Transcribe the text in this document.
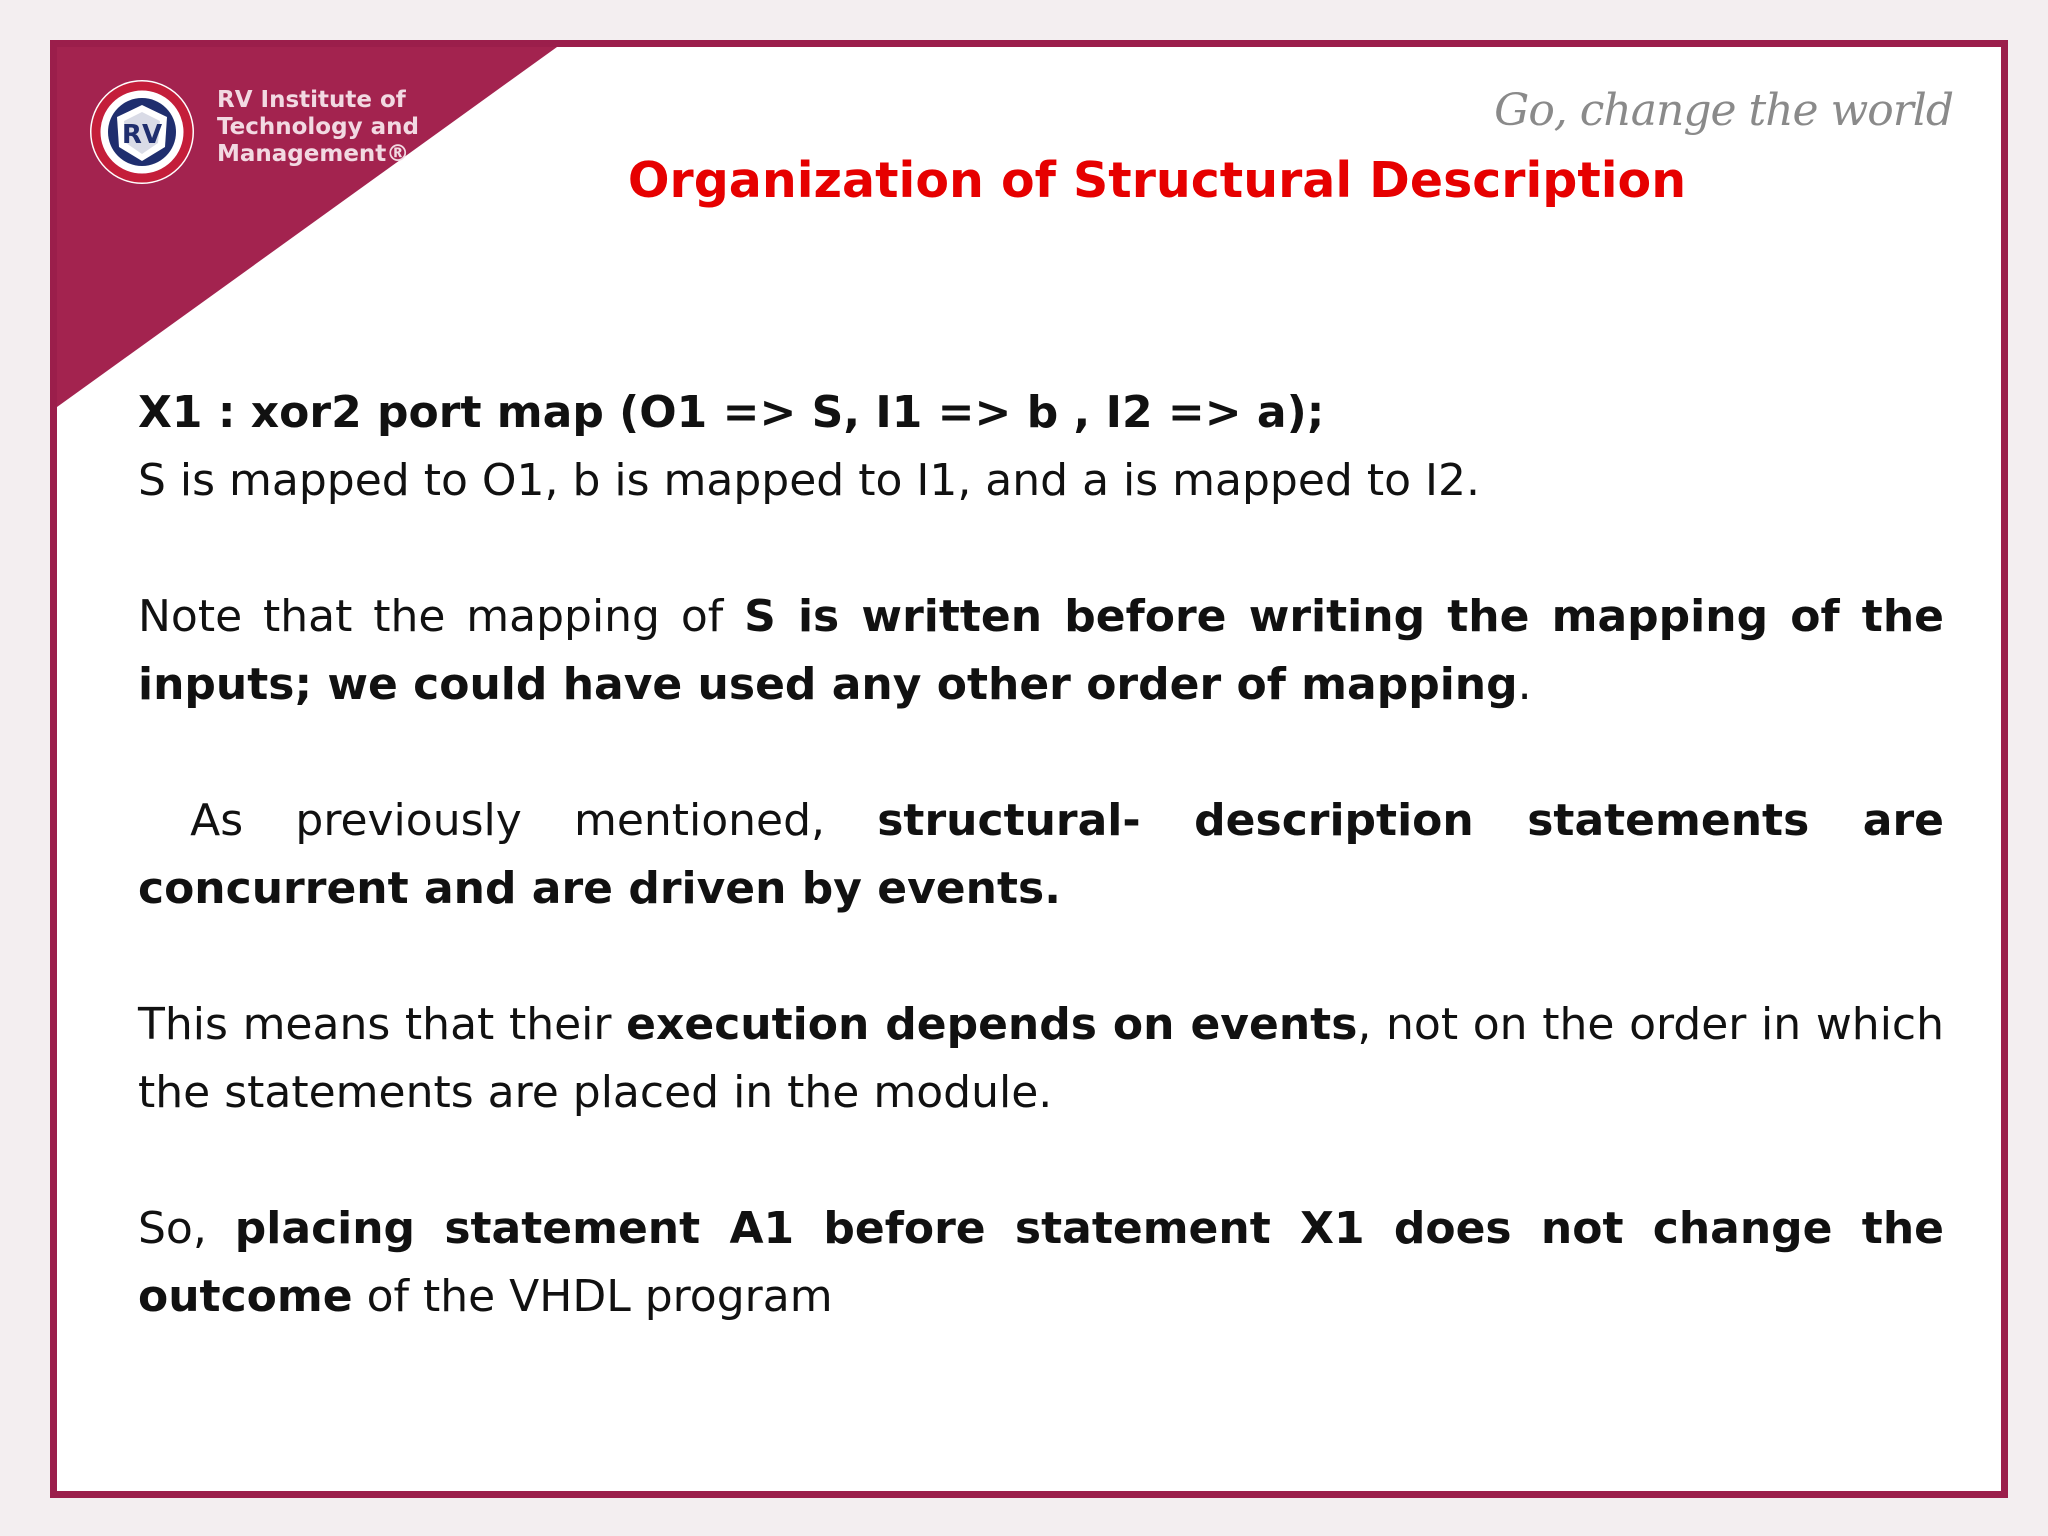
RV
RV Institute of
Technology and
Management®
Go, change the world
Organization of Structural Description

X1 : xor2 port map (O1 => S, I1 => b , I2 => a);
S is mapped to O1, b is mapped to I1, and a is mapped to I2.

Note that the mapping of S is written before writing the mapping of the inputs; we could have used any other order of mapping.

As previously mentioned, structural- description statements are concurrent and are driven by events.

This means that their execution depends on events, not on the order in which the statements are placed in the module.

So, placing statement A1 before statement X1 does not change the outcome of the VHDL program
